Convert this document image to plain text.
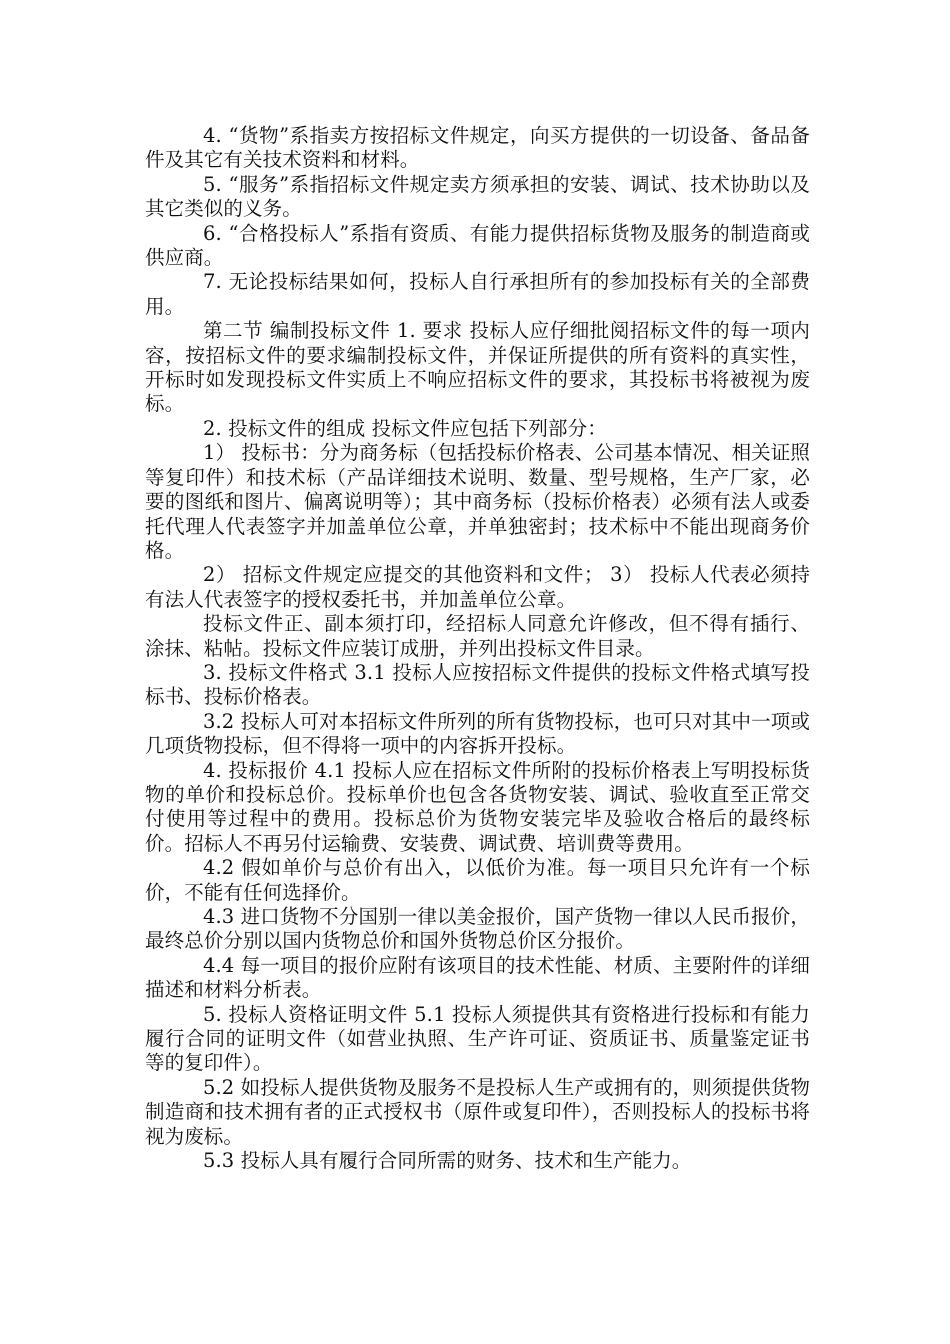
4. “货物”系指卖方按招标文件规定，向买方提供的一切设备、备品备件及其它有关技术资料和材料。

5. “服务”系指招标文件规定卖方须承担的安装、调试、技术协助以及其它类似的义务。

6. “合格投标人”系指有资质、有能力提供招标货物及服务的制造商或供应商。

7. 无论投标结果如何，投标人自行承担所有的参加投标有关的全部费用。

第二节 编制投标文件 1. 要求 投标人应仔细批阅招标文件的每一项内容，按招标文件的要求编制投标文件，并保证所提供的所有资料的真实性，开标时如发现投标文件实质上不响应招标文件的要求，其投标书将被视为废标。

2. 投标文件的组成 投标文件应包括下列部分：

1） 投标书：分为商务标（包括投标价格表、公司基本情况、相关证照等复印件）和技术标（产品详细技术说明、数量、型号规格，生产厂家，必要的图纸和图片、偏离说明等）；其中商务标（投标价格表）必须有法人或委托代理人代表签字并加盖单位公章，并单独密封；技术标中不能出现商务价格。

2） 招标文件规定应提交的其他资料和文件； 3） 投标人代表必须持有法人代表签字的授权委托书，并加盖单位公章。

投标文件正、副本须打印，经招标人同意允许修改，但不得有插行、涂抹、粘帖。投标文件应装订成册，并列出投标文件目录。

3. 投标文件格式 3.1 投标人应按招标文件提供的投标文件格式填写投标书、投标价格表。

3.2 投标人可对本招标文件所列的所有货物投标，也可只对其中一项或几项货物投标，但不得将一项中的内容拆开投标。

4. 投标报价 4.1 投标人应在招标文件所附的投标价格表上写明投标货物的单价和投标总价。投标单价也包含各货物安装、调试、验收直至正常交付使用等过程中的费用。投标总价为货物安装完毕及验收合格后的最终标价。招标人不再另付运输费、安装费、调试费、培训费等费用。

4.2 假如单价与总价有出入，以低价为准。每一项目只允许有一个标价，不能有任何选择价。

4.3 进口货物不分国别一律以美金报价，国产货物一律以人民币报价，最终总价分别以国内货物总价和国外货物总价区分报价。

4.4 每一项目的报价应附有该项目的技术性能、材质、主要附件的详细描述和材料分析表。

5. 投标人资格证明文件 5.1 投标人须提供其有资格进行投标和有能力履行合同的证明文件（如营业执照、生产许可证、资质证书、质量鉴定证书等的复印件）。

5.2 如投标人提供货物及服务不是投标人生产或拥有的，则须提供货物制造商和技术拥有者的正式授权书（原件或复印件），否则投标人的投标书将视为废标。

5.3 投标人具有履行合同所需的财务、技术和生产能力。
